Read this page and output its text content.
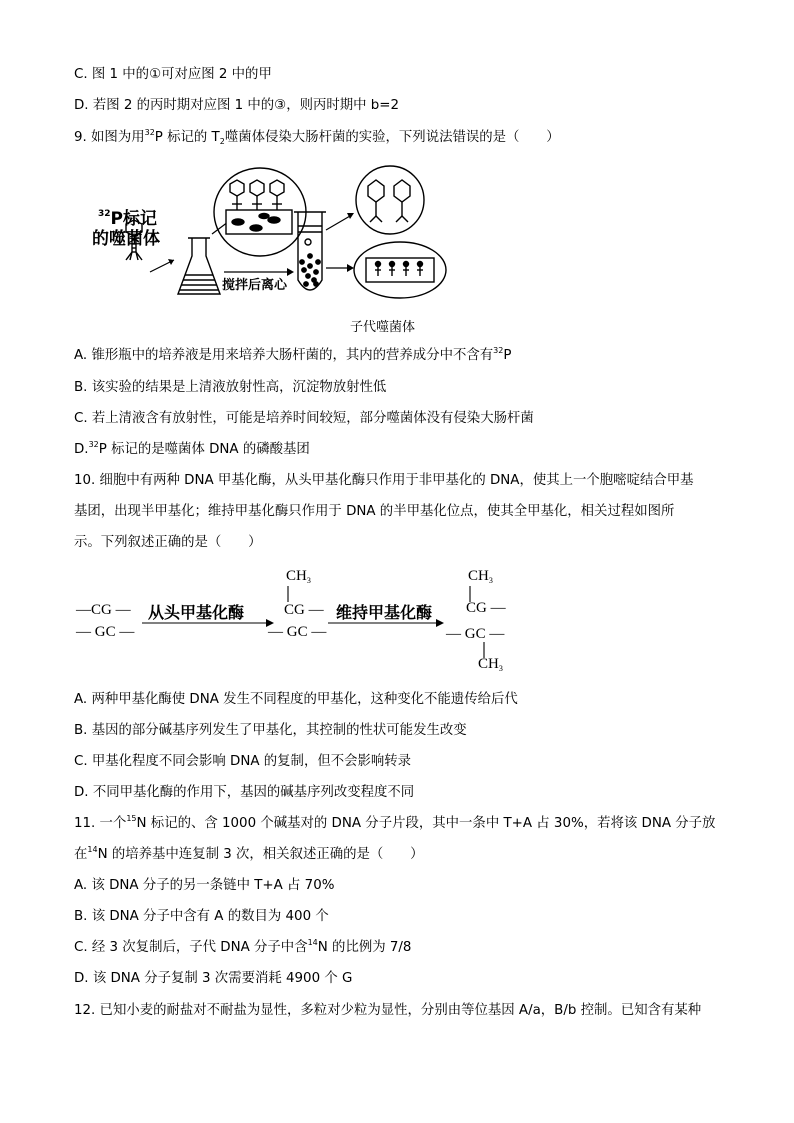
C. 图 1 中的①可对应图 2 中的甲
D. 若图 2 的丙时期对应图 1 中的③，则丙时期中 b=2
9. 如图为用$^{32}$P 标记的 $T_2$噬菌体侵染大肠杆菌的实验，下列说法错误的是（　　）
$^{32}$P标记
的噬菌体
搅拌后离心
子代噬菌体
A. 锥形瓶中的培养液是用来培养大肠杆菌的，其内的营养成分中不含有$^{32}$P
B. 该实验的结果是上清液放射性高，沉淀物放射性低
C. 若上清液含有放射性，可能是培养时间较短，部分噬菌体没有侵染大肠杆菌
D.$^{32}$P 标记的是噬菌体 DNA 的磷酸基团
10. 细胞中有两种 DNA 甲基化酶，从头甲基化酶只作用于非甲基化的 DNA，使其上一个胞嘧啶结合甲基
基团，出现半甲基化；维持甲基化酶只作用于 DNA 的半甲基化位点，使其全甲基化，相关过程如图所
示。下列叙述正确的是（　　）
—CG —
— GC —
从头甲基化酶
$CH_3$
CG —
— GC —
维持甲基化酶
$CH_3$
CG —
— GC —
$CH_3$
A. 两种甲基化酶使 DNA 发生不同程度的甲基化，这种变化不能遗传给后代
B. 基因的部分碱基序列发生了甲基化，其控制的性状可能发生改变
C. 甲基化程度不同会影响 DNA 的复制，但不会影响转录
D. 不同甲基化酶的作用下，基因的碱基序列改变程度不同
11. 一个$^{15}$N 标记的、含 1000 个碱基对的 DNA 分子片段，其中一条中 T+A 占 30%，若将该 DNA 分子放
在$^{14}$N 的培养基中连复制 3 次，相关叙述正确的是（　　）
A. 该 DNA 分子的另一条链中 T+A 占 70%
B. 该 DNA 分子中含有 A 的数目为 400 个
C. 经 3 次复制后，子代 DNA 分子中含$^{14}$N 的比例为 7/8
D. 该 DNA 分子复制 3 次需要消耗 4900 个 G
12. 已知小麦的耐盐对不耐盐为显性，多粒对少粒为显性，分别由等位基因 A/a，B/b 控制。已知含有某种
